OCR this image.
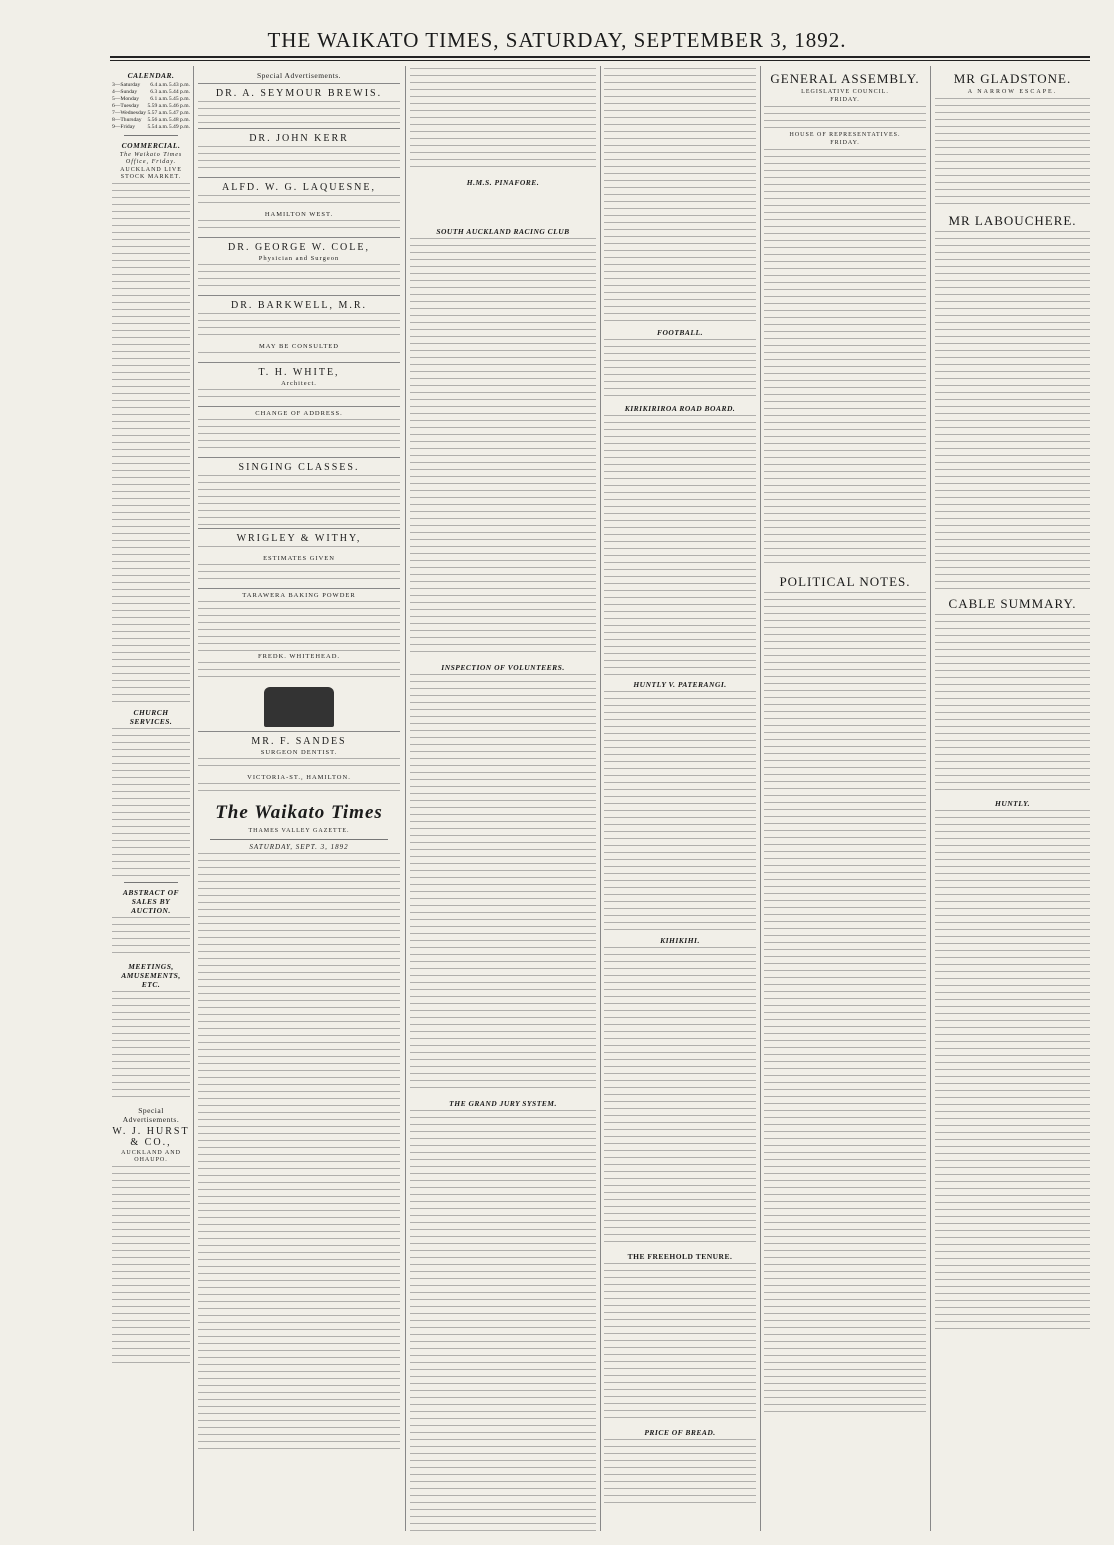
THE WAIKATO TIMES, SATURDAY, SEPTEMBER 3, 1892.
CALENDAR.
3—Saturday	6.4 a.m.	5.43 p.m.
4—Sunday	6.3 a.m.	5.44 p.m.
5—Monday	6.1 a.m.	5.45 p.m.
6—Tuesday	5.59 a.m.	5.46 p.m.
7—Wednesday	5.57 a.m.	5.47 p.m.
8—Thursday	5.56 a.m.	5.48 p.m.
9—Friday	5.54 a.m.	5.49 p.m.
COMMERCIAL.
The Waikato Times Office, Friday.
AUCKLAND LIVE STOCK MARKET.
CHURCH SERVICES.
ABSTRACT OF SALES BY AUCTION.
MEETINGS, AMUSEMENTS, ETC.
Special Advertisements.
W. J. HURST & CO.,
AUCKLAND AND OHAUPO.
Special Advertisements.
DR. A. SEYMOUR BREWIS.
DR. JOHN KERR
ALFD. W. G. LAQUESNE,
HAMILTON WEST.
DR. GEORGE W. COLE,
Physician and Surgeon
DR. BARKWELL, M.R.
MAY BE CONSULTED
T. H. WHITE,
Architect.
CHANGE OF ADDRESS.
SINGING CLASSES.
WRIGLEY & WITHY,
ESTIMATES GIVEN
TARAWERA BAKING POWDER
FREDK. WHITEHEAD.
MR. F. SANDES
SURGEON DENTIST.
VICTORIA-ST., HAMILTON.
The Waikato Times
THAMES VALLEY GAZETTE.
SATURDAY, SEPT. 3, 1892
H.M.S. PINAFORE.
SOUTH AUCKLAND RACING CLUB
INSPECTION OF VOLUNTEERS.
THE GRAND JURY SYSTEM.
FOOTBALL.
KIRIKIRIROA ROAD BOARD.
HUNTLY V. PATERANGI.
KIHIKIHI.
THE FREEHOLD TENURE.
PRICE OF BREAD.
GENERAL ASSEMBLY.
LEGISLATIVE COUNCIL.
FRIDAY.
HOUSE OF REPRESENTATIVES.
FRIDAY.
POLITICAL NOTES.
MR GLADSTONE.
A NARROW ESCAPE.
MR LABOUCHERE.
CABLE SUMMARY.
HUNTLY.
